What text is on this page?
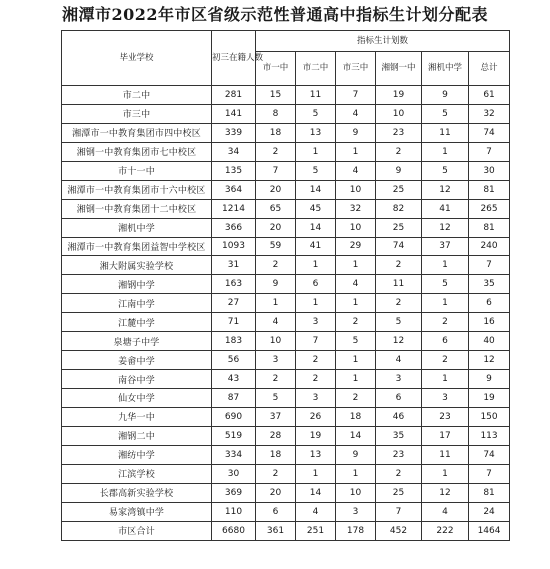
湘潭市2022年市区省级示范性普通高中指标生计划分配表
毕业学校	初三在籍人数	指标生计划数					
		市一中	市二中	市三中	湘钢一中	湘机中学	总计
市二中	281	15	11	7	19	9	61
市三中	141	8	5	4	10	5	32
湘潭市一中教育集团市四中校区	339	18	13	9	23	11	74
湘钢一中教育集团市七中校区	34	2	1	1	2	1	7
市十一中	135	7	5	4	9	5	30
湘潭市一中教育集团市十六中校区	364	20	14	10	25	12	81
湘钢一中教育集团十二中校区	1214	65	45	32	82	41	265
湘机中学	366	20	14	10	25	12	81
湘潭市一中教育集团益智中学校区	1093	59	41	29	74	37	240
湘大附属实验学校	31	2	1	1	2	1	7
湘钢中学	163	9	6	4	11	5	35
江南中学	27	1	1	1	2	1	6
江麓中学	71	4	3	2	5	2	16
泉塘子中学	183	10	7	5	12	6	40
姜畲中学	56	3	2	1	4	2	12
南谷中学	43	2	2	1	3	1	9
仙女中学	87	5	3	2	6	3	19
九华一中	690	37	26	18	46	23	150
湘钢二中	519	28	19	14	35	17	113
湘纺中学	334	18	13	9	23	11	74
江滨学校	30	2	1	1	2	1	7
长郡高新实验学校	369	20	14	10	25	12	81
易家湾镇中学	110	6	4	3	7	4	24
市区合计	6680	361	251	178	452	222	1464
